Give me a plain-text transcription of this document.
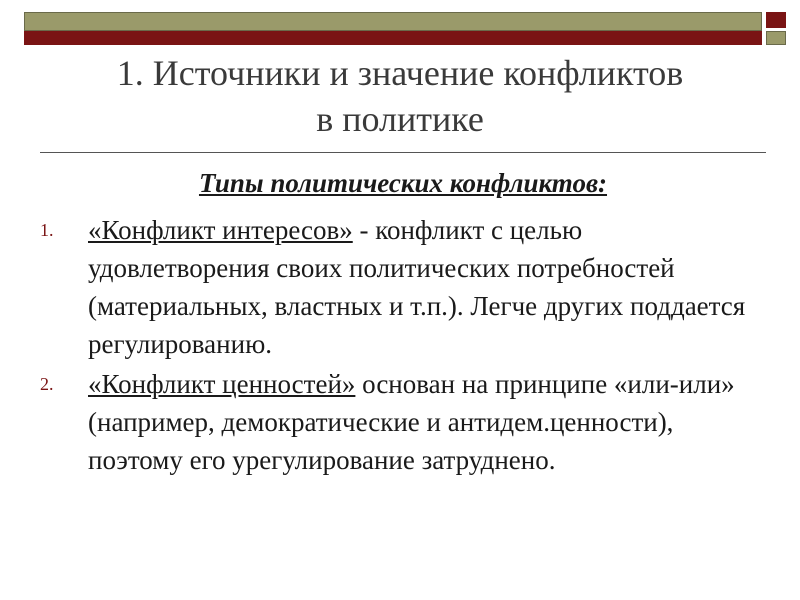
1. Источники и значение конфликтов
в политике

Типы политических конфликтов:

1. «Конфликт интересов» - конфликт с целью удовлетворения своих политических потребностей (материальных, властных и т.п.). Легче других поддается регулированию.
2. «Конфликт ценностей» основан на принципе «или-или» (например, демократические и антидем.ценности), поэтому его урегулирование затруднено.
